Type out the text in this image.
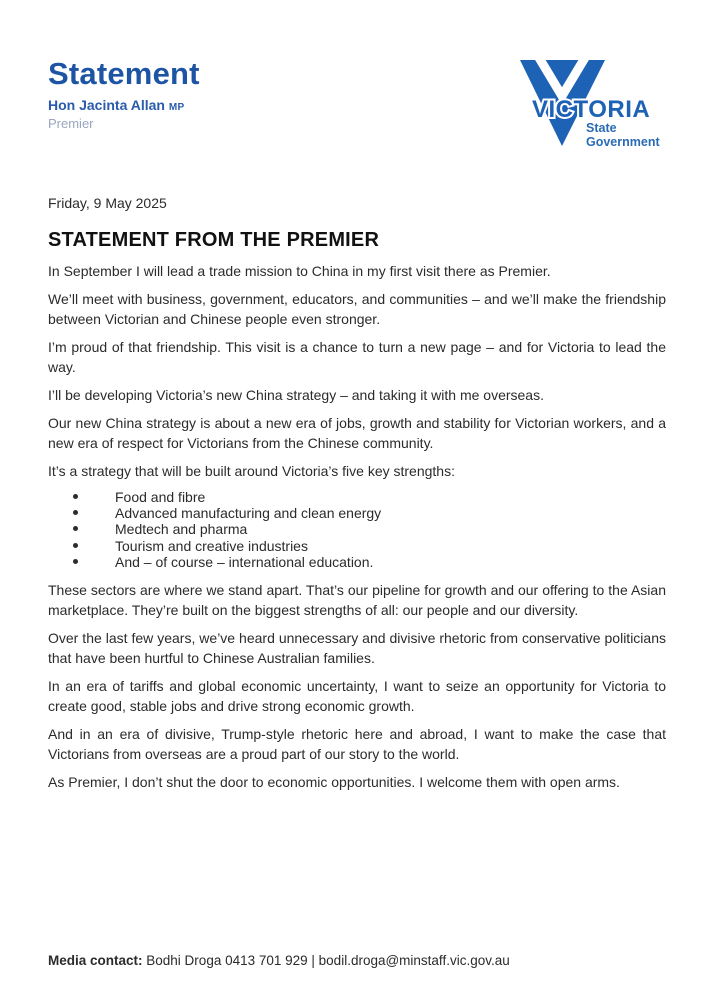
Statement
Hon Jacinta Allan MP
Premier
VICTORIA
State
Government
Friday, 9 May 2025
STATEMENT FROM THE PREMIER

In September I will lead a trade mission to China in my first visit there as Premier.

We’ll meet with business, government, educators, and communities – and we’ll make the friendship between Victorian and Chinese people even stronger.

I’m proud of that friendship. This visit is a chance to turn a new page – and for Victoria to lead the way.

I’ll be developing Victoria’s new China strategy – and taking it with me overseas.

Our new China strategy is about a new era of jobs, growth and stability for Victorian workers, and a new era of respect for Victorians from the Chinese community.

It’s a strategy that will be built around Victoria’s five key strengths:

Food and fibre
Advanced manufacturing and clean energy
Medtech and pharma
Tourism and creative industries
And – of course – international education.

These sectors are where we stand apart. That’s our pipeline for growth and our offering to the Asian marketplace. They’re built on the biggest strengths of all: our people and our diversity.

Over the last few years, we’ve heard unnecessary and divisive rhetoric from conservative politicians that have been hurtful to Chinese Australian families.

In an era of tariffs and global economic uncertainty, I want to seize an opportunity for Victoria to create good, stable jobs and drive strong economic growth.

And in an era of divisive, Trump-style rhetoric here and abroad, I want to make the case that Victorians from overseas are a proud part of our story to the world.

As Premier, I don’t shut the door to economic opportunities. I welcome them with open arms.

Media contact: Bodhi Droga 0413 701 929 | bodil.droga@minstaff.vic.gov.au
